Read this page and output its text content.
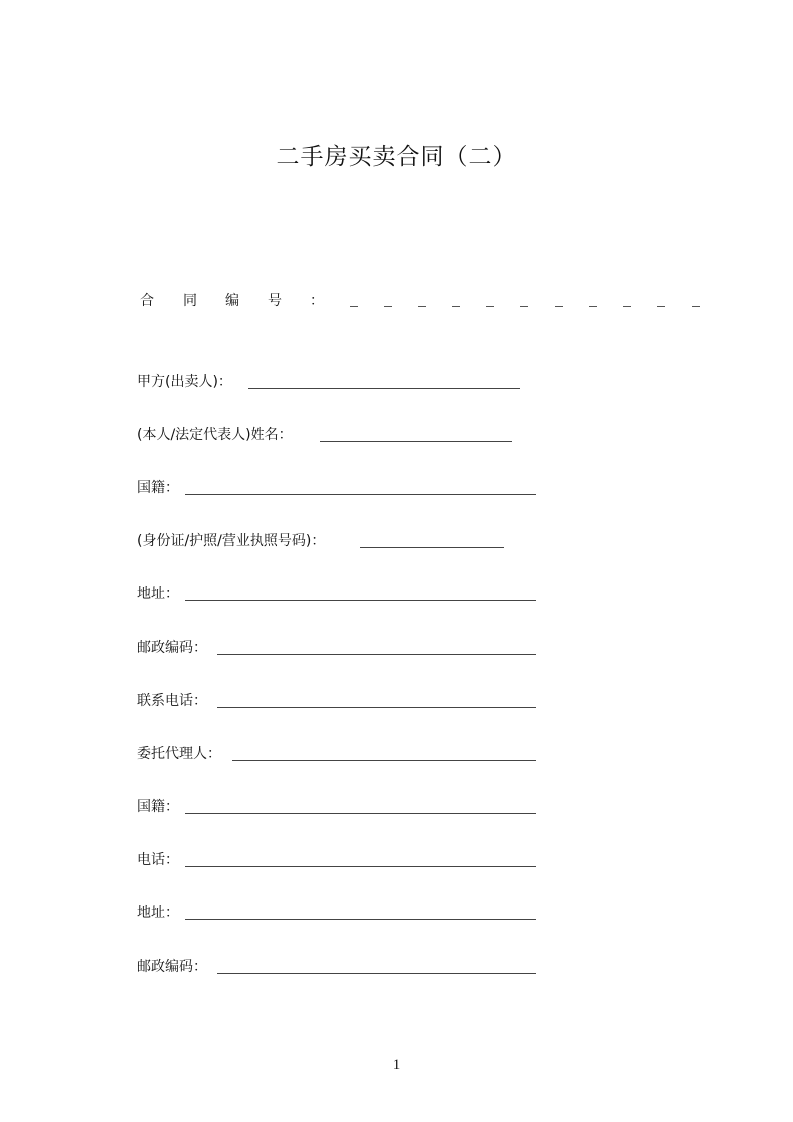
二手房买卖合同（二）
合 同 编 号 ：
甲方(出卖人)：
(本人/法定代表人)姓名：
国籍：
(身份证/护照/营业执照号码)：
地址：
邮政编码：
联系电话：
委托代理人：
国籍：
电话：
地址：
邮政编码：
1
